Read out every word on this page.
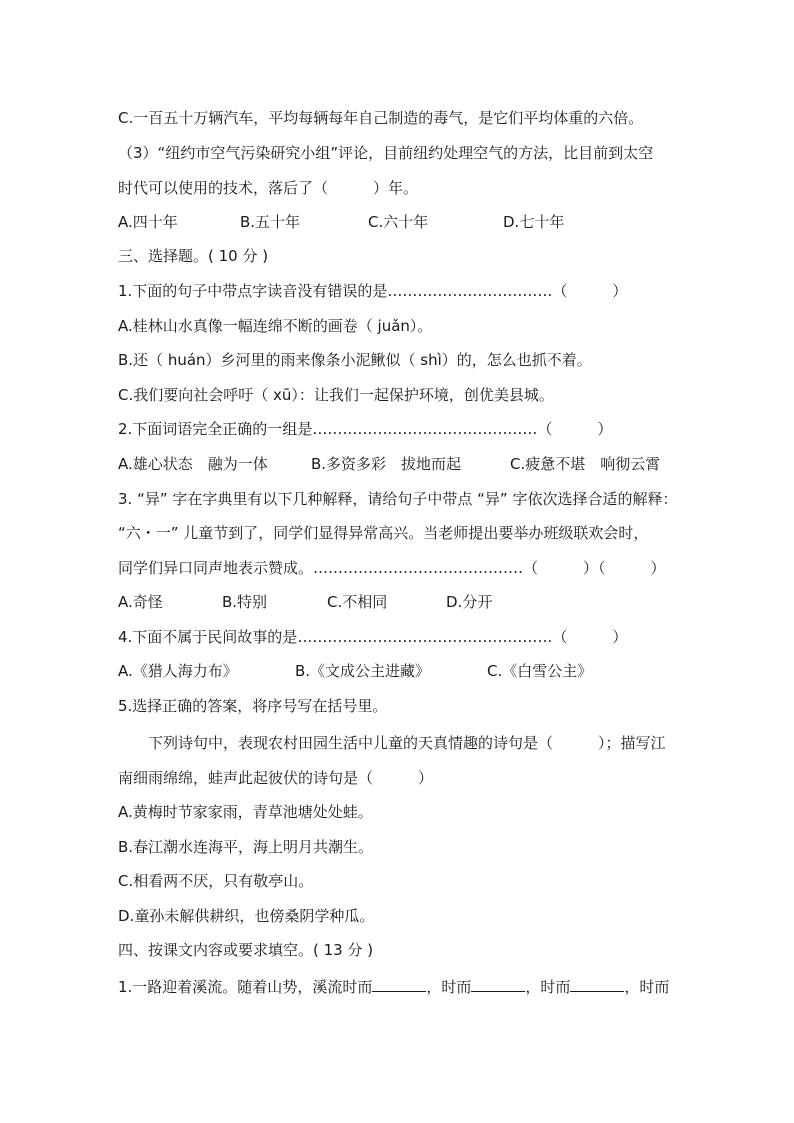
C.一百五十万辆汽车，平均每辆每年自己制造的毒气，是它们平均体重的六倍。
（3）“纽约市空气污染研究小组”评论，目前纽约处理空气的方法，比目前到太空
时代可以使用的技术，落后了（　　　）年。
A.四十年	B.五十年	C.六十年	D.七十年
三、选择题。( 10 分 )
1.下面的句子中带点字读音没有错误的是……………………………（　　　）
A.桂林山水真像一幅连绵不断的画卷（ juǎn）。
B.还（ huán）乡河里的雨来像条小泥鳅似（ shì）的，怎么也抓不着。
C.我们要向社会呼吁（ xū）：让我们一起保护环境，创优美县城。
2.下面词语完全正确的一组是………………………………………（　　　）
A.雄心状态　融为一体	B.多资多彩　拔地而起	C.疲惫不堪　响彻云霄
3. “异” 字在字典里有以下几种解释，请给句子中带点 “异” 字依次选择合适的解释：
“六・一” 儿童节到了，同学们显得异常高兴。当老师提出要举办班级联欢会时，
同学们异口同声地表示赞成。……………………………………（　　　）（　　　）
A.奇怪	B.特别	C.不相同	D.分开
4.下面不属于民间故事的是……………………………………………（　　　）
A.《猎人海力布》	B.《文成公主进藏》	C.《白雪公主》
5.选择正确的答案，将序号写在括号里。
下列诗句中，表现农村田园生活中儿童的天真情趣的诗句是（　　　）；描写江
南细雨绵绵，蛙声此起彼伏的诗句是（　　　）
A.黄梅时节家家雨，青草池塘处处蛙。
B.春江潮水连海平，海上明月共潮生。
C.相看两不厌，只有敬亭山。
D.童孙未解供耕织，也傍桑阴学种瓜。
四、按课文内容或要求填空。( 13 分 )
1.一路迎着溪流。随着山势，溪流时而	，时而	，时而	，时而
